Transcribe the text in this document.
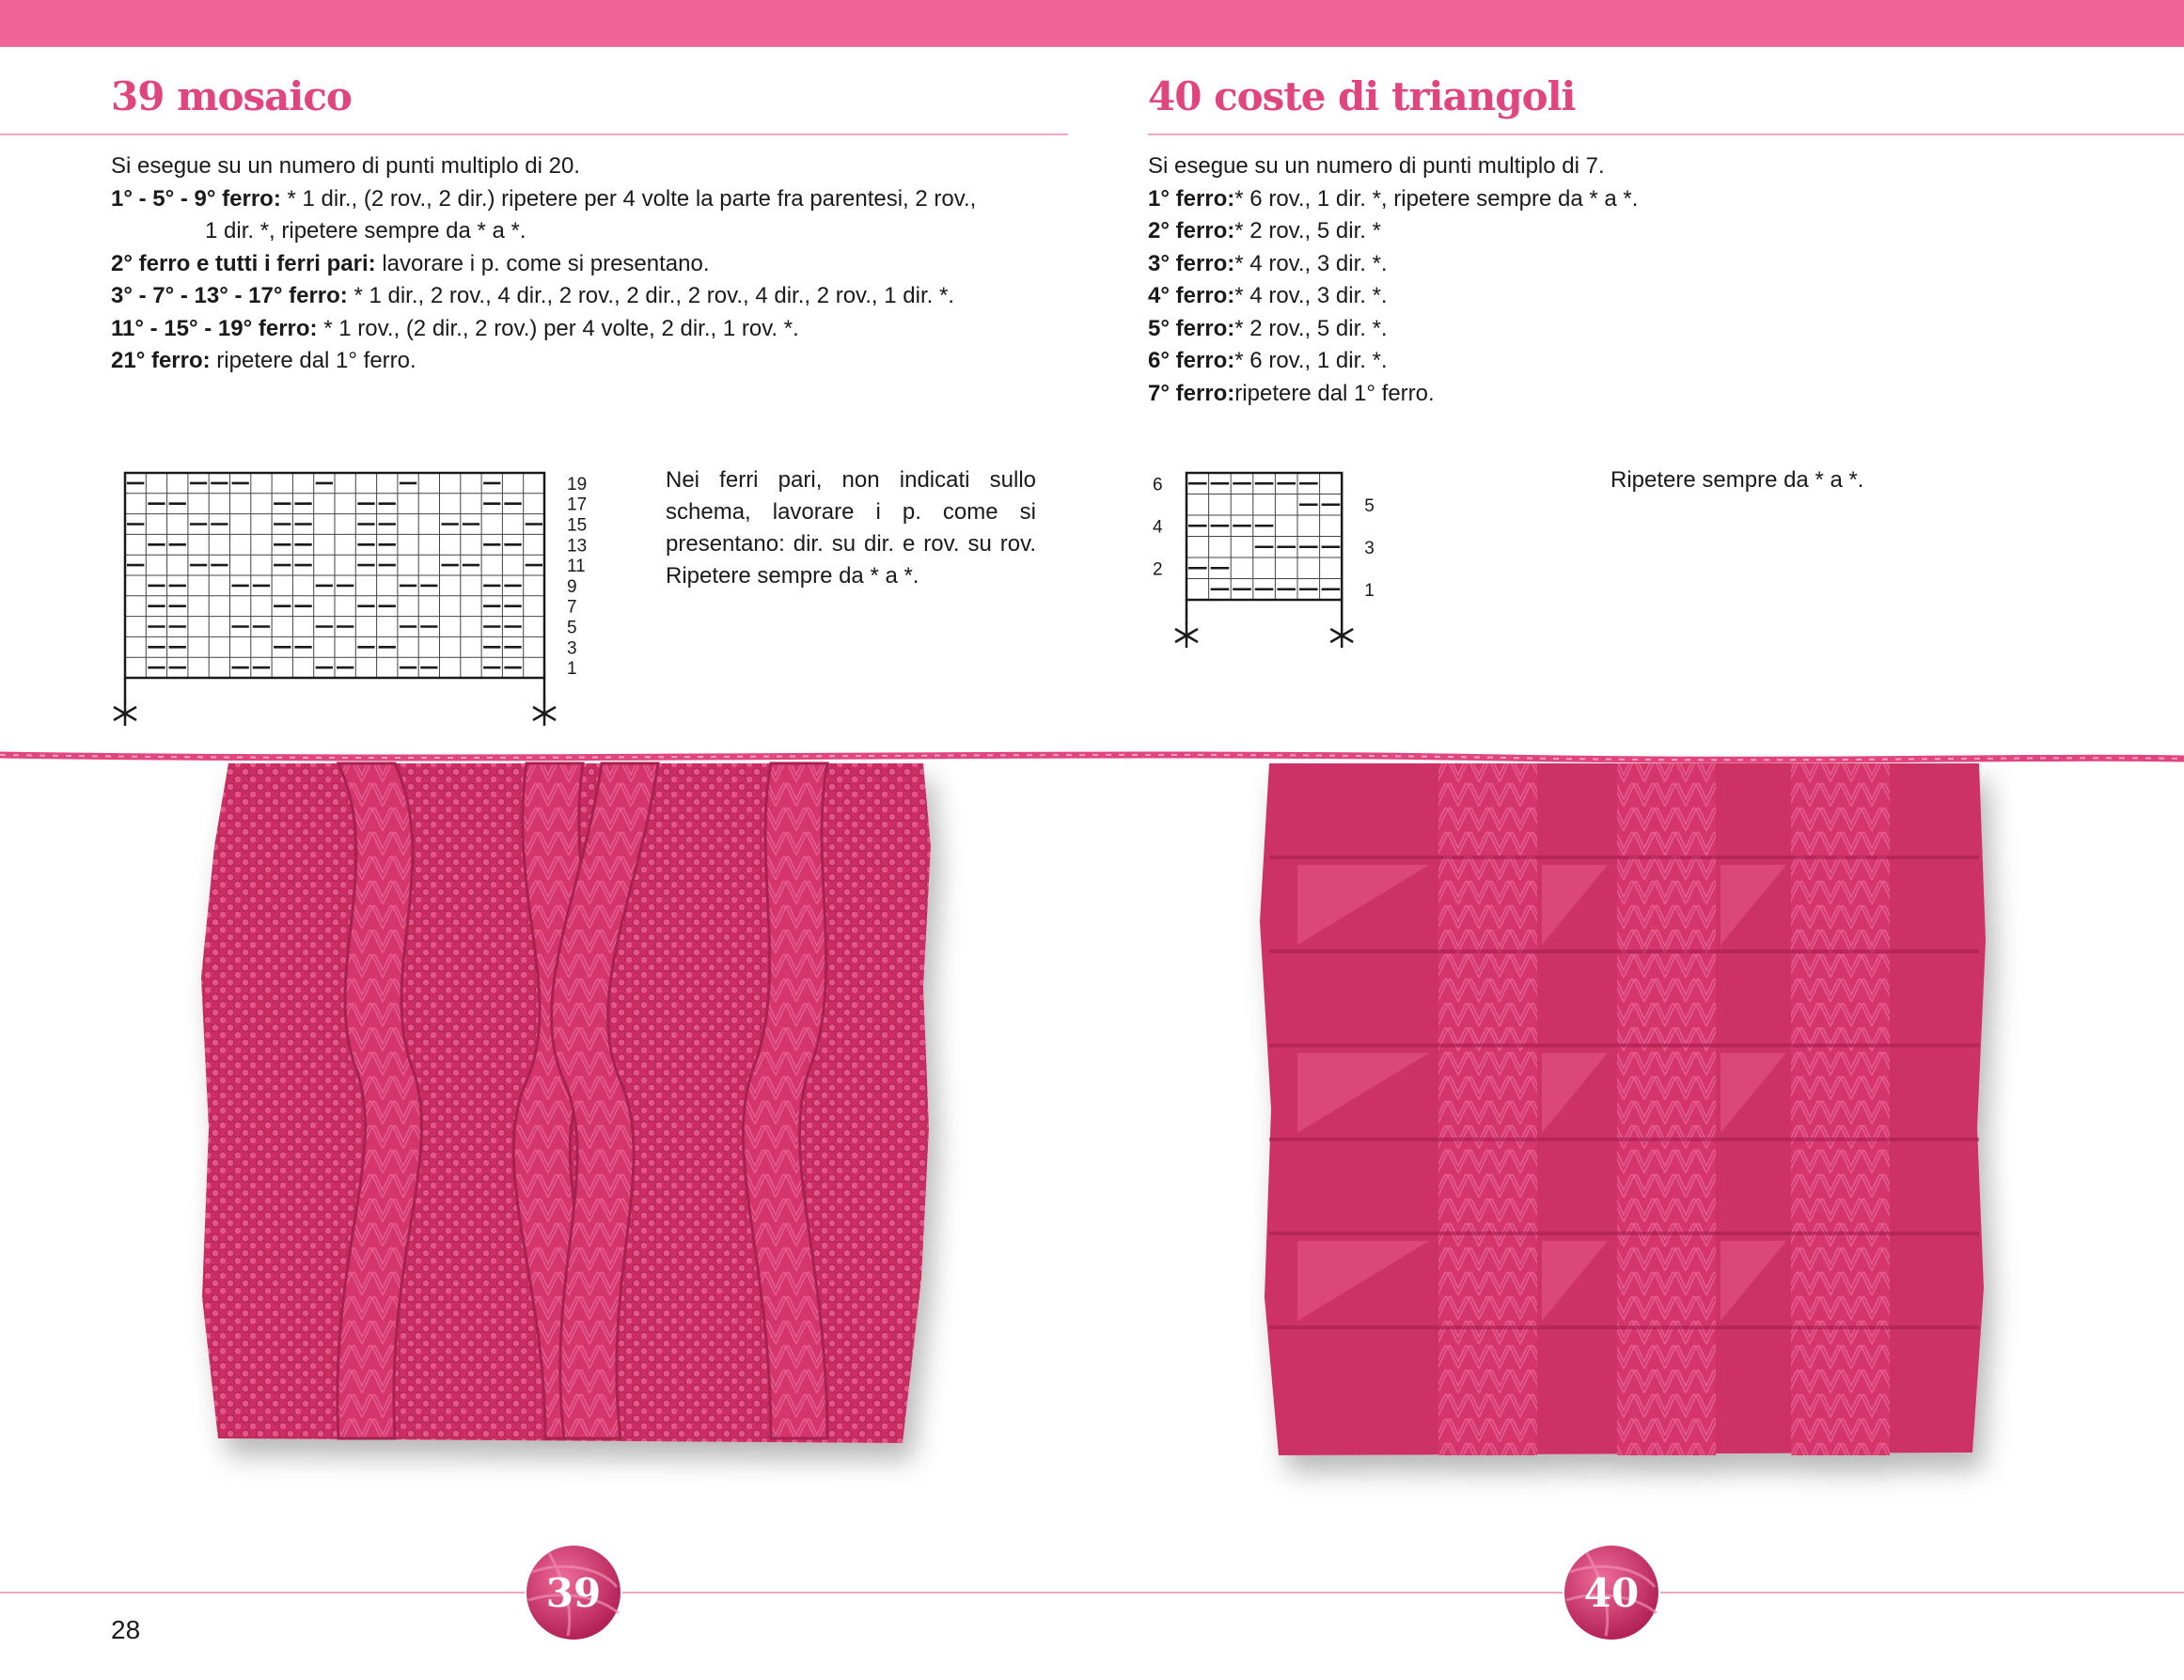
39 mosaico

Si esegue su un numero di punti multiplo di 20.

1° - 5° - 9° ferro: * 1 dir., (2 rov., 2 dir.) ripetere per 4 volte la parte fra parentesi, 2 rov.,

1 dir. *, ripetere sempre da * a *.

2° ferro e tutti i ferri pari: lavorare i p. come si presentano.

3° - 7° - 13° - 17° ferro: * 1 dir., 2 rov., 4 dir., 2 rov., 2 dir., 2 rov., 4 dir., 2 rov., 1 dir. *.

11° - 15° - 19° ferro: * 1 rov., (2 dir., 2 rov.) per 4 volte, 2 dir., 1 rov. *.

21° ferro: ripetere dal 1° ferro.

19
17
15
13
11
9
7
5
3
1
Nei ferri pari, non indicati sullo schema, lavorare i p. come si presentano: dir. su dir. e rov. su rov. Ripetere sempre da * a *.
40 coste di triangoli

Si esegue su un numero di punti multiplo di 7.

1° ferro:* 6 rov., 1 dir. *, ripetere sempre da * a *.

2° ferro:* 2 rov., 5 dir. *

3° ferro:* 4 rov., 3 dir. *.

4° ferro:* 4 rov., 3 dir. *.

5° ferro:* 2 rov., 5 dir. *.

6° ferro:* 6 rov., 1 dir. *.

7° ferro:ripetere dal 1° ferro.

Ripetere sempre da * a *.
6
4
2
5
3
1
39	40
28
